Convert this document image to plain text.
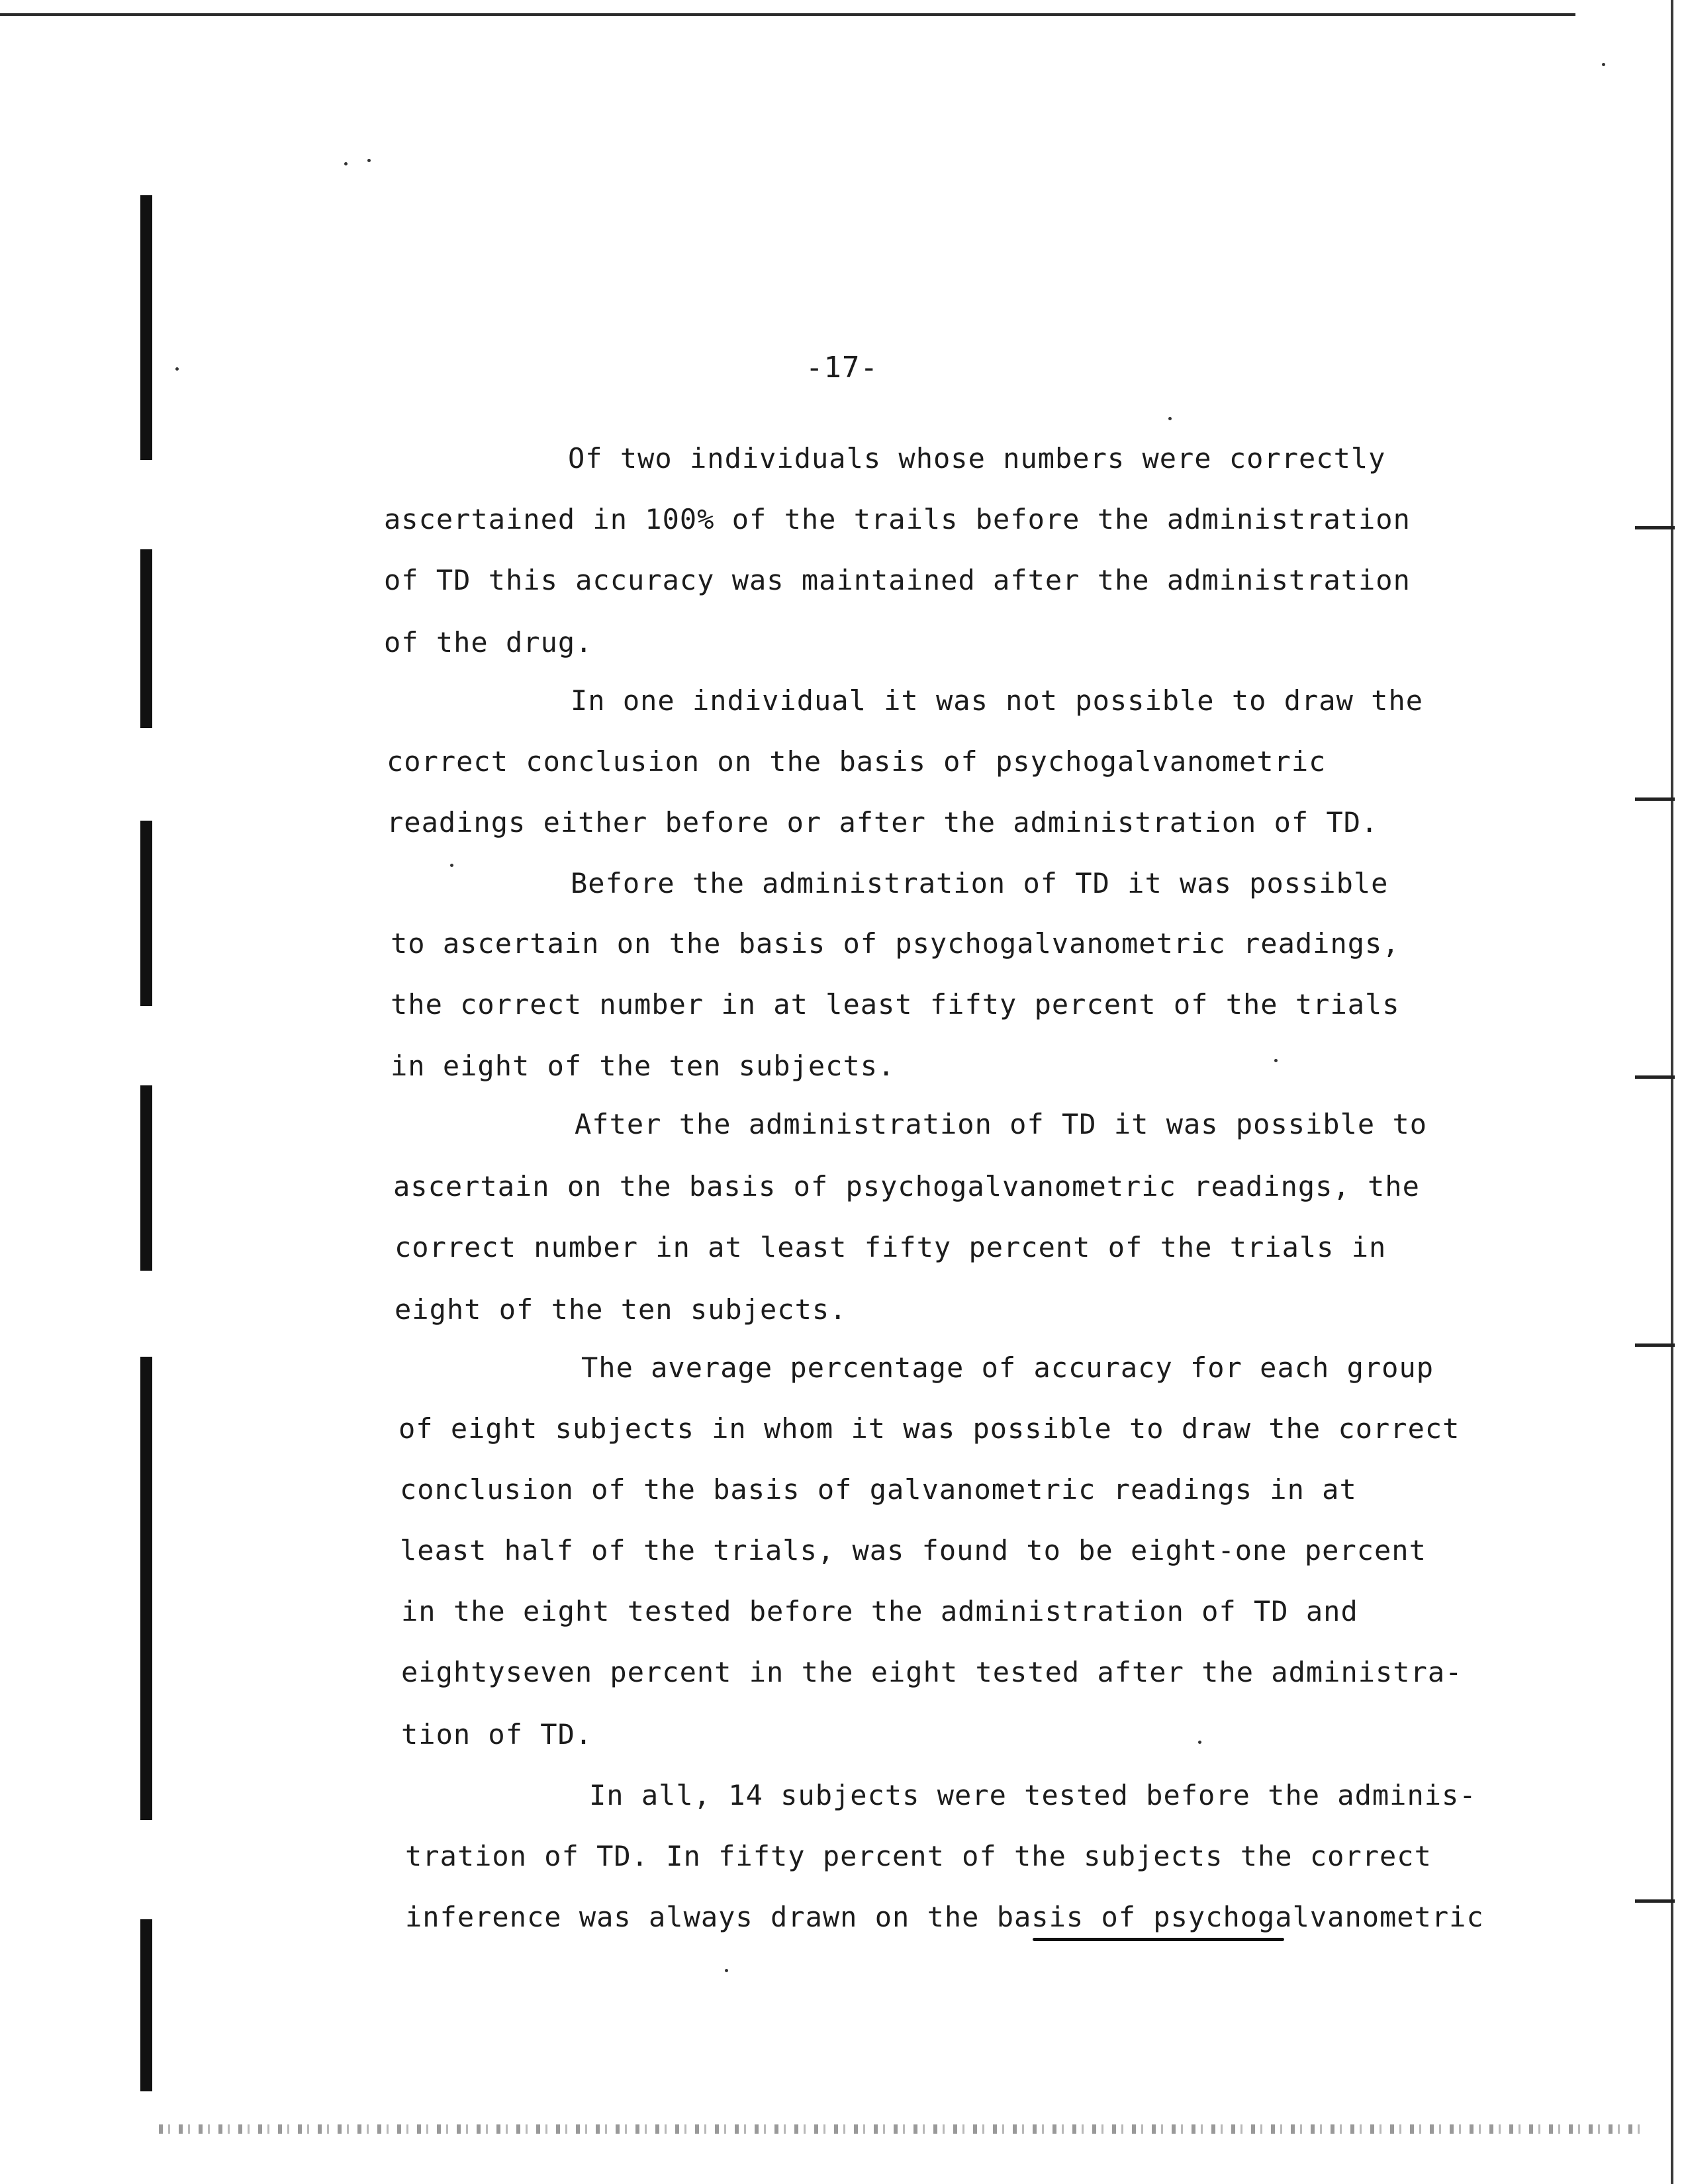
-17-
Of two individuals whose numbers were correctly
ascertained in 100% of the trails before the administration
of TD this accuracy was maintained after the administration
of the drug.
In one individual it was not possible to draw the
correct conclusion on the basis of psychogalvanometric
readings either before or after the administration of TD.
Before the administration of TD it was possible
to ascertain on the basis of psychogalvanometric readings,
the correct number in at least fifty percent of the trials
in eight of the ten subjects.
After the administration of TD it was possible to
ascertain on the basis of psychogalvanometric readings, the
correct number in at least fifty percent of the trials in
eight of the ten subjects.
The average percentage of accuracy for each group
of eight subjects in whom it was possible to draw the correct
conclusion of the basis of galvanometric readings in at
least half of the trials, was found to be eight-one percent
in the eight tested before the administration of TD and
eightyseven percent in the eight tested after the administra-
tion of TD.
In all, 14 subjects were tested before the adminis-
tration of TD. In fifty percent of the subjects the correct
inference was always drawn on the basis of psychogalvanometric
